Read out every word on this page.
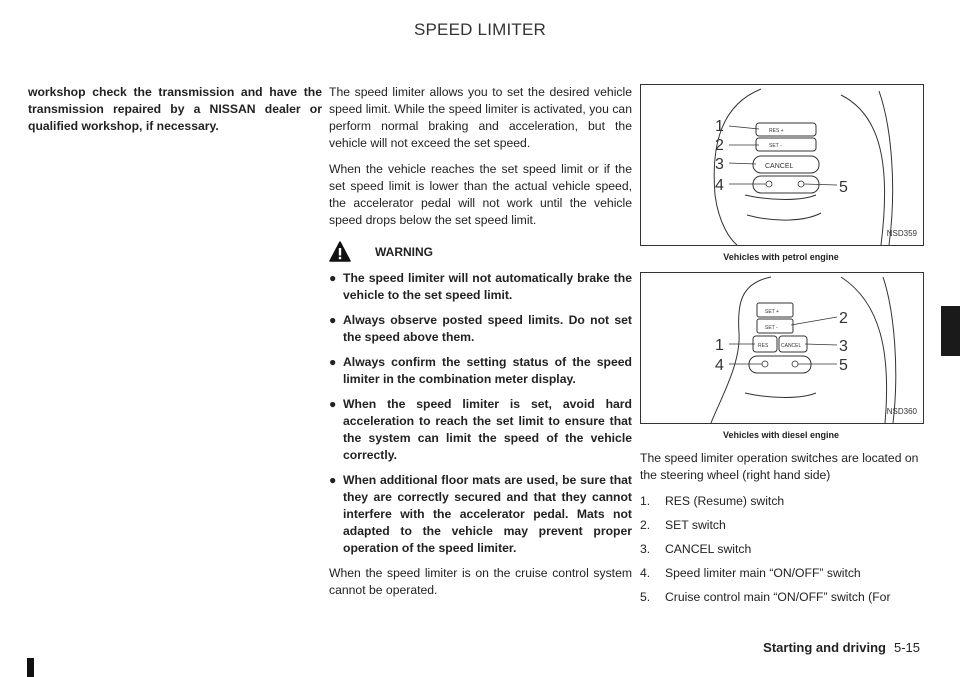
SPEED LIMITER

workshop check the transmission and have the transmission repaired by a NISSAN dealer or qualified workshop, if necessary.

The speed limiter allows you to set the desired vehicle speed limit. While the speed limiter is activated, you can perform normal braking and acceleration, but the vehicle will not exceed the set speed.

When the vehicle reaches the set speed limit or if the set speed limit is lower than the actual vehicle speed, the accelerator pedal will not work until the vehicle speed drops below the set speed limit.

WARNING
● The speed limiter will not automatically brake the vehicle to the set speed limit.
● Always observe posted speed limits. Do not set the speed above them.
● Always confirm the setting status of the speed limiter in the combination meter display.
● When the speed limiter is set, avoid hard acceleration to reach the set limit to ensure that the system can limit the speed of the vehicle correctly.
● When additional floor mats are used, be sure that they are correctly secured and that they cannot interfere with the accelerator pedal. Mats not adapted to the vehicle may prevent proper operation of the speed limiter.

When the speed limiter is on the cruise control system cannot be operated.

RES +
SET -
CANCEL
1
2
3
4	5
NSD359
Vehicles with petrol engine
SET +
SET -
RES	CANCEL
1
2
3
4	5
NSD360
Vehicles with diesel engine

The speed limiter operation switches are located on the steering wheel (right hand side)

1. RES (Resume) switch
2. SET switch
3. CANCEL switch
4. Speed limiter main “ON/OFF” switch
5. Cruise control main “ON/OFF” switch (For
Starting and driving 5-15
